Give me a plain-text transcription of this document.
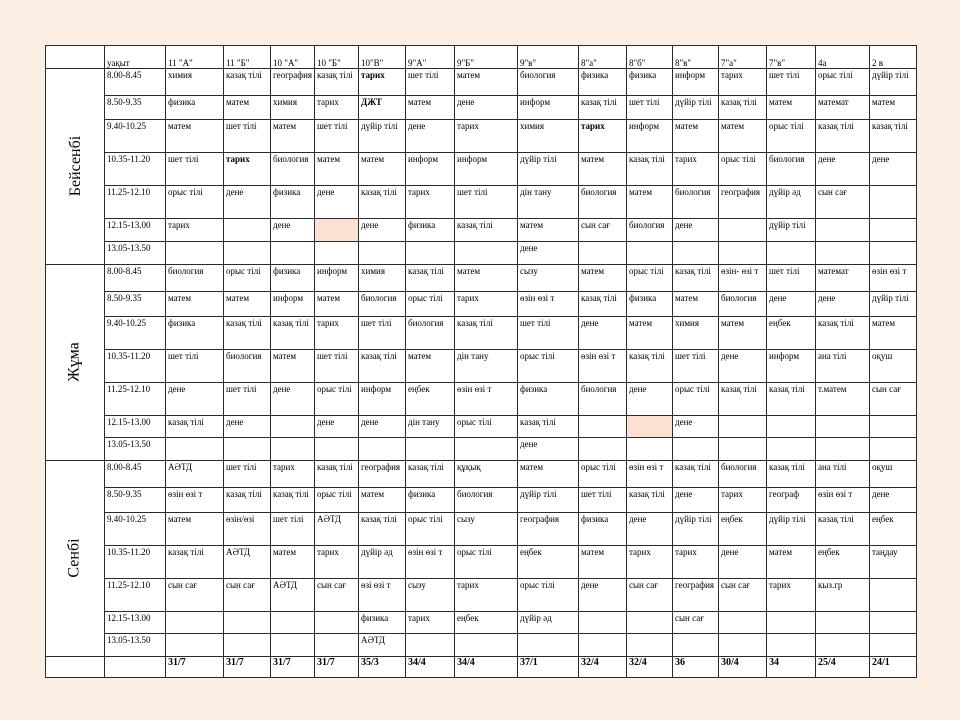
	уақыт	11 "А"	11 "Б"	10 "А"	10 "Б"	10"В"	9"А"	9"Б"	9"в"	8"а"	8"б"	8"в"	7"а"	7"в"	4а	2 в
Бейсенбі	8.00-8.45	химия	казақ тілі	география	казақ тілі	тарих	шет тілі	матем	биология	физика	физика	информ	тарих	шет тілі	орыс тілі	дүйір тілі
	8.50-9.35	физика	матем	химия	тарих	ДЖТ	матем	дене	информ	казақ тілі	шет тілі	дүйір тілі	казақ тілі	матем	математ	матем
	9.40-10.25	матем	шет тілі	матем	шет тілі	дүйір тілі	дене	тарих	химия	тарих	информ	матем	матем	орыс тілі	казақ тілі	казақ тілі
	10.35-11.20	шет тілі	тарих	биология	матем	матем	информ	информ	дүйір тілі	матем	казақ тілі	тарих	орыс тілі	биология	дене	дене
	11.25-12.10	орыс тілі	дене	физика	дене	казақ тілі	тарих	шет тілі	дін тану	биология	матем	биология	география	дүйір әд	сын сағ	
	12.15-13.00	тарих		дене		дене	физика	казақ тілі	матем	сын сағ	биология	дене		дүйір тілі		
	13.05-13.50								дене							
Жұма	8.00-8.45	биология	орыс тілі	физика	информ	химия	казақ тілі	матем	сызу	матем	орыс тілі	казақ тілі	өзін- өзі т	шет тілі	математ	өзін өзі т
	8.50-9.35	матем	матем	информ	матем	биология	орыс тілі	тарих	өзін өзі т	казақ тілі	физика	матем	биология	дене	дене	дүйір тілі
	9.40-10.25	физика	казақ тілі	казақ тілі	тарих	шет тілі	биология	казақ тілі	шет тілі	дене	матем	химия	матем	еңбек	казақ тілі	матем
	10.35-11.20	шет тілі	биология	матем	шет тілі	казақ тілі	матем	дін тану	орыс тілі	өзін өзі т	казақ тілі	шет тілі	дене	информ	ана тілі	оқуш
	11.25-12.10	дене	шет тілі	дене	орыс тілі	информ	еңбек	өзін өзі т	физика	биология	дене	орыс тілі	казақ тілі	казақ тілі	т.матем	сын сағ
	12.15-13.00	казақ тілі	дене		дене	дене	дін тану	орыс тілі	казақ тілі			дене				
	13.05-13.50								дене							
Сенбі	8.00-8.45	АӘТД	шет тілі	тарих	казақ тілі	география	казақ тілі	құқық	матем	орыс тілі	өзін өзі т	казақ тілі	биология	казақ тілі	ана тілі	оқуш
	8.50-9.35	өзін өзі т	казақ тілі	казақ тілі	орыс тілі	матем	физика	биология	дүйір тілі	шет тілі	казақ тілі	дене	тарих	географ	өзін өзі т	дене
	9.40-10.25	матем	өзін/өзі	шет тілі	АӘТД	казақ тілі	орыс тілі	сызу	география	физика	дене	дүйір тілі	еңбек	дүйір тілі	казақ тілі	еңбек
	10.35-11.20	казақ тілі	АӘТД	матем	тарих	дүйір әд	өзін өзі т	орыс тілі	еңбек	матем	тарих	тарих	дене	матем	еңбек	таңдау
	11.25-12.10	сын сағ	сын сағ	АӘТД	сын сағ	өзі өзі т	сызу	тарих	орыс тілі	дене	сын сағ	география	сын сағ	тарих	кыз.гр	
	12.15-13.00					физика	тарих	еңбек	дүйір әд			сын сағ				
	13.05-13.50					АӘТД										
		31/7	31/7	31/7	31/7	35/3	34/4	34/4	37/1	32/4	32/4	36	30/4	34	25/4	24/1
